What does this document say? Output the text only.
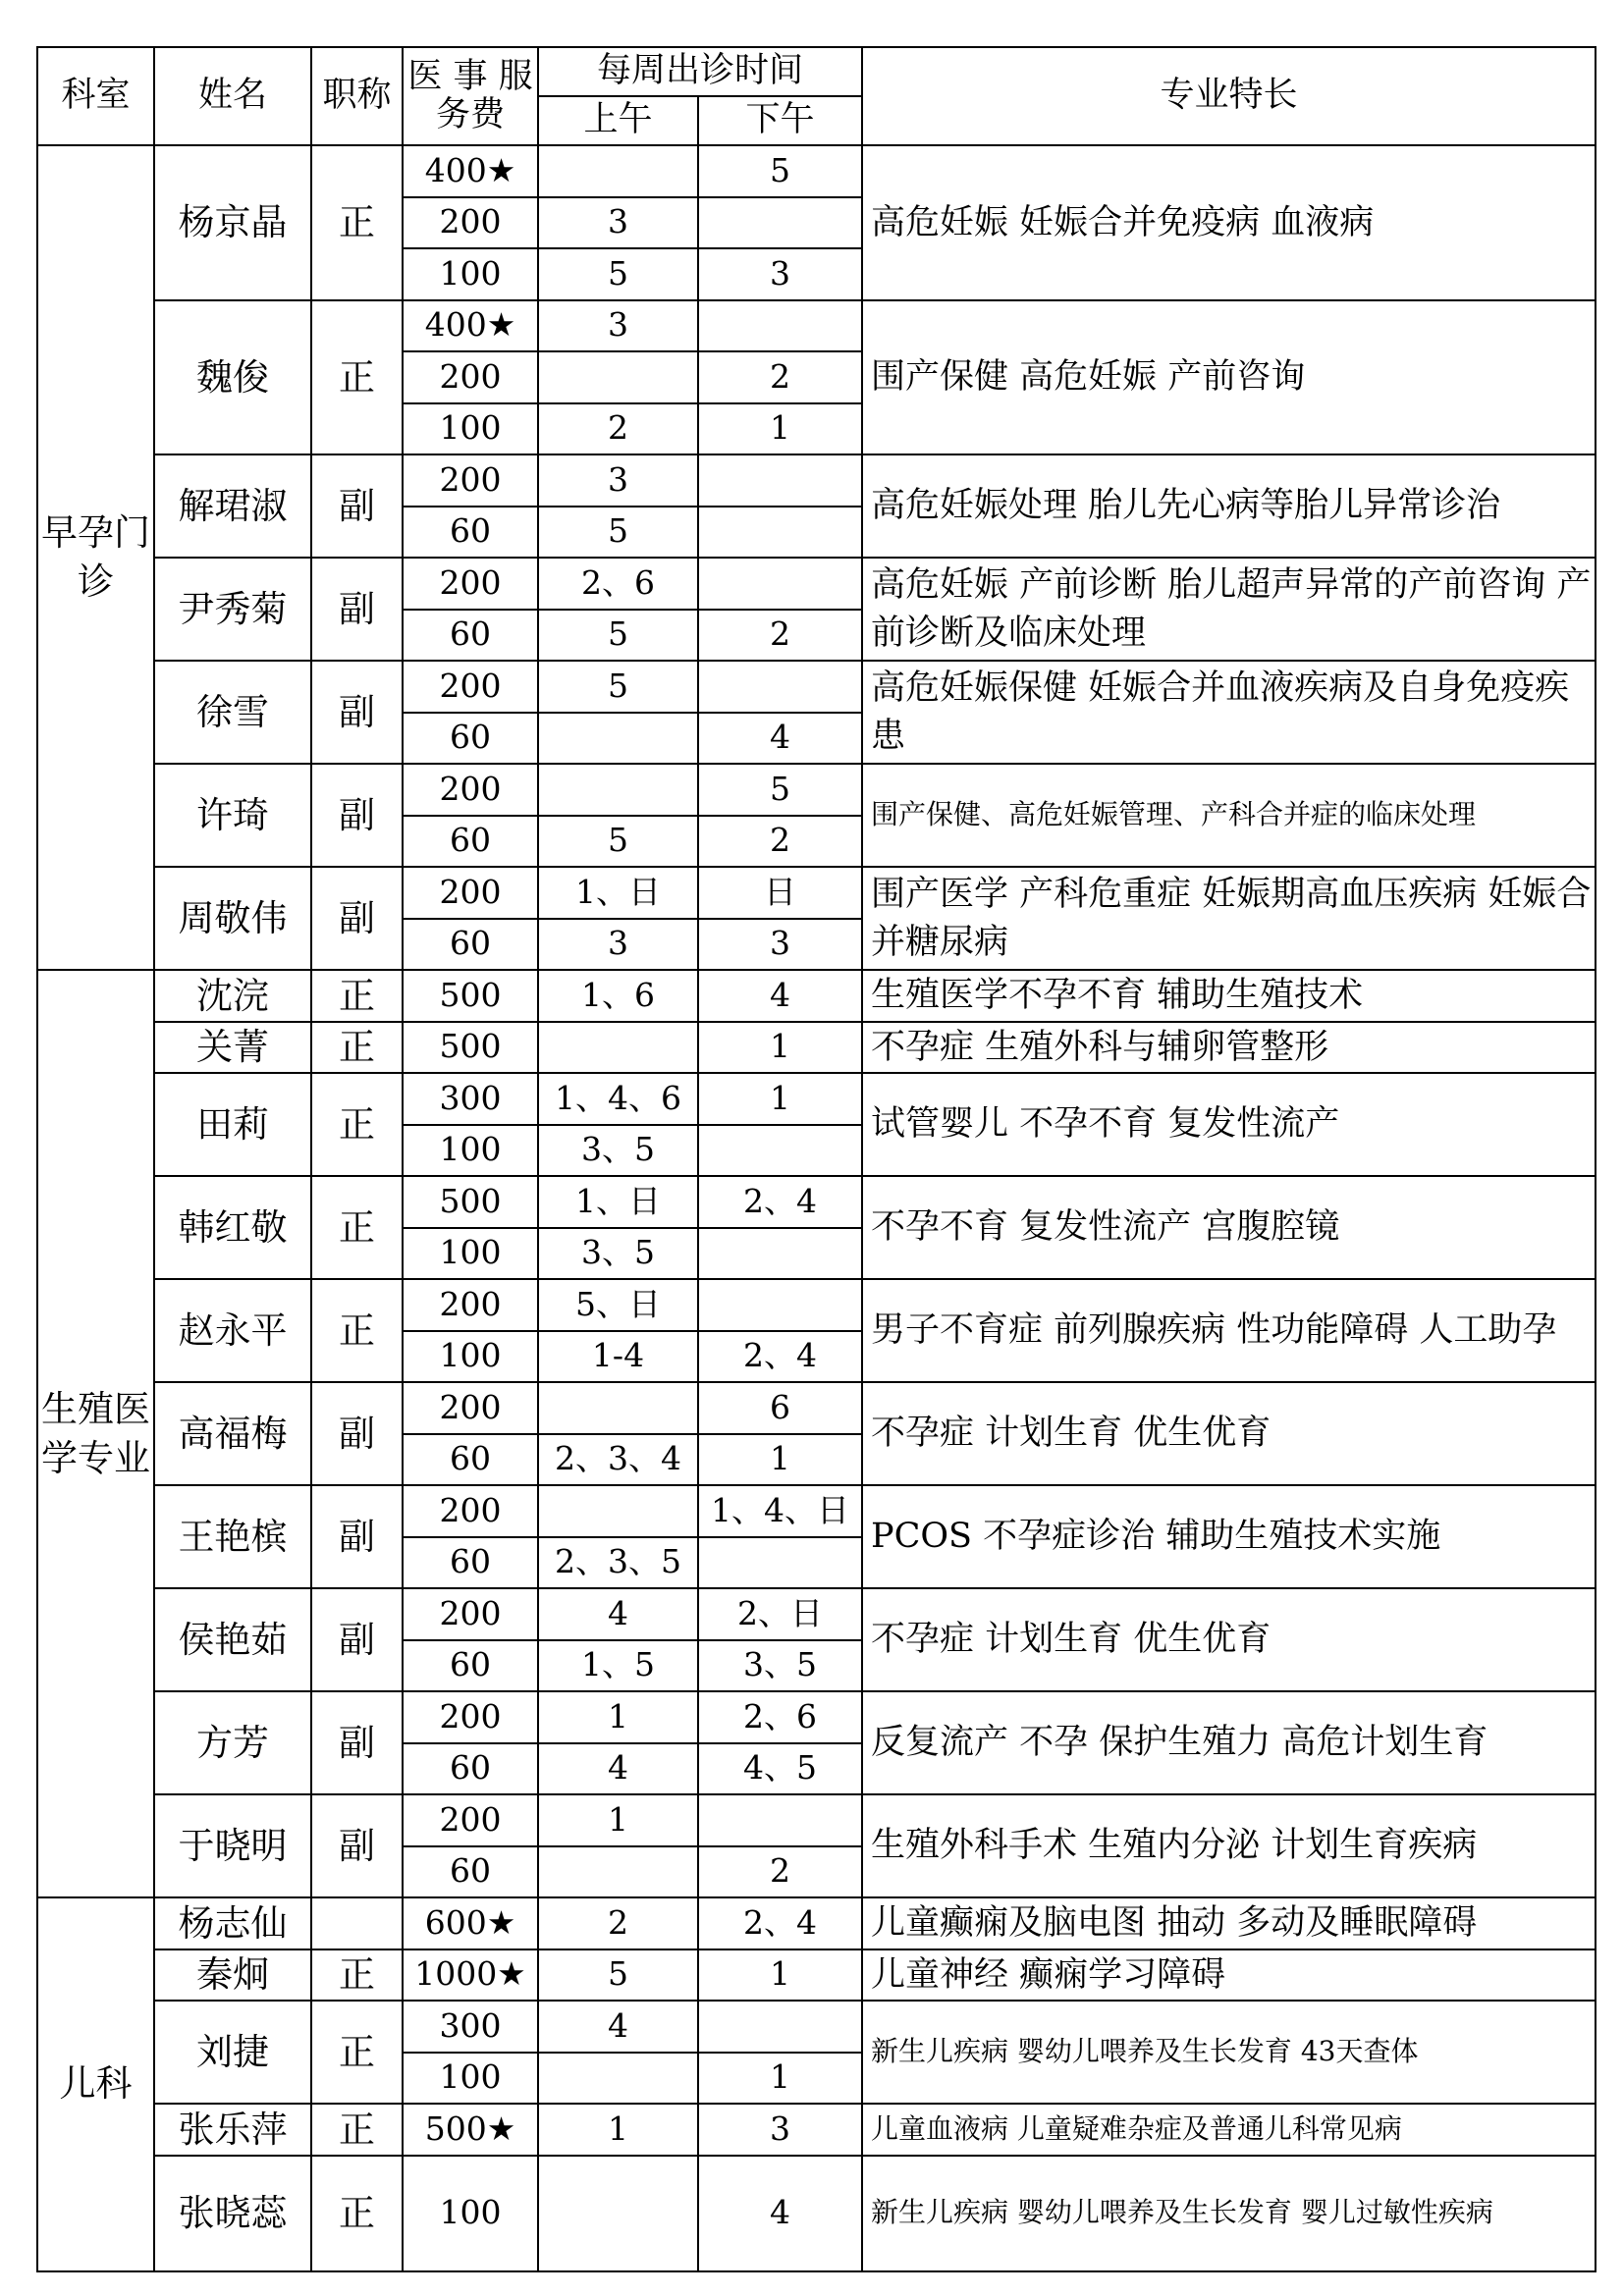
科室	姓名	职称	医 事 服务费	每周出诊时间		专业特长
				上午	下午	
早孕门诊	杨京晶	正	400★		5	高危妊娠 妊娠合并免疫病 血液病
			200	3		
			100	5	3	
	魏俊	正	400★	3		围产保健 高危妊娠 产前咨询
			200		2	
			100	2	1	
	解珺淑	副	200	3		高危妊娠处理 胎儿先心病等胎儿异常诊治
			60	5		
	尹秀菊	副	200	2、6		高危妊娠 产前诊断 胎儿超声异常的产前咨询 产前诊断及临床处理
			60	5	2	
	徐雪	副	200	5		高危妊娠保健 妊娠合并血液疾病及自身免疫疾患
			60		4	
	许琦	副	200		5	围产保健、高危妊娠管理、产科合并症的临床处理
			60	5	2	
	周敬伟	副	200	1、日	日	围产医学 产科危重症 妊娠期高血压疾病 妊娠合并糖尿病
			60	3	3	
生殖医学专业	沈浣	正	500	1、6	4	生殖医学不孕不育 辅助生殖技术
	关菁	正	500		1	不孕症 生殖外科与辅卵管整形
	田莉	正	300	1、4、6	1	试管婴儿 不孕不育 复发性流产
			100	3、5		
	韩红敬	正	500	1、日	2、4	不孕不育 复发性流产 宫腹腔镜
			100	3、5		
	赵永平	正	200	5、日		男子不育症 前列腺疾病 性功能障碍 人工助孕
			100	1-4	2、4	
	高福梅	副	200		6	不孕症 计划生育 优生优育
			60	2、3、4	1	
	王艳槟	副	200		1、4、日	PCOS 不孕症诊治 辅助生殖技术实施
			60	2、3、5		
	侯艳茹	副	200	4	2、日	不孕症 计划生育 优生优育
			60	1、5	3、5	
	方芳	副	200	1	2、6	反复流产 不孕 保护生殖力 高危计划生育
			60	4	4、5	
	于晓明	副	200	1		生殖外科手术 生殖内分泌 计划生育疾病
			60		2	
儿科	杨志仙		600★	2	2、4	儿童癫痫及脑电图 抽动 多动及睡眠障碍
	秦炯	正	1000★	5	1	儿童神经 癫痫学习障碍
	刘捷	正	300	4		新生儿疾病 婴幼儿喂养及生长发育 43天查体
			100		1	
	张乐萍	正	500★	1	3	儿童血液病 儿童疑难杂症及普通儿科常见病
	张晓蕊	正	100		4	新生儿疾病 婴幼儿喂养及生长发育 婴儿过敏性疾病
